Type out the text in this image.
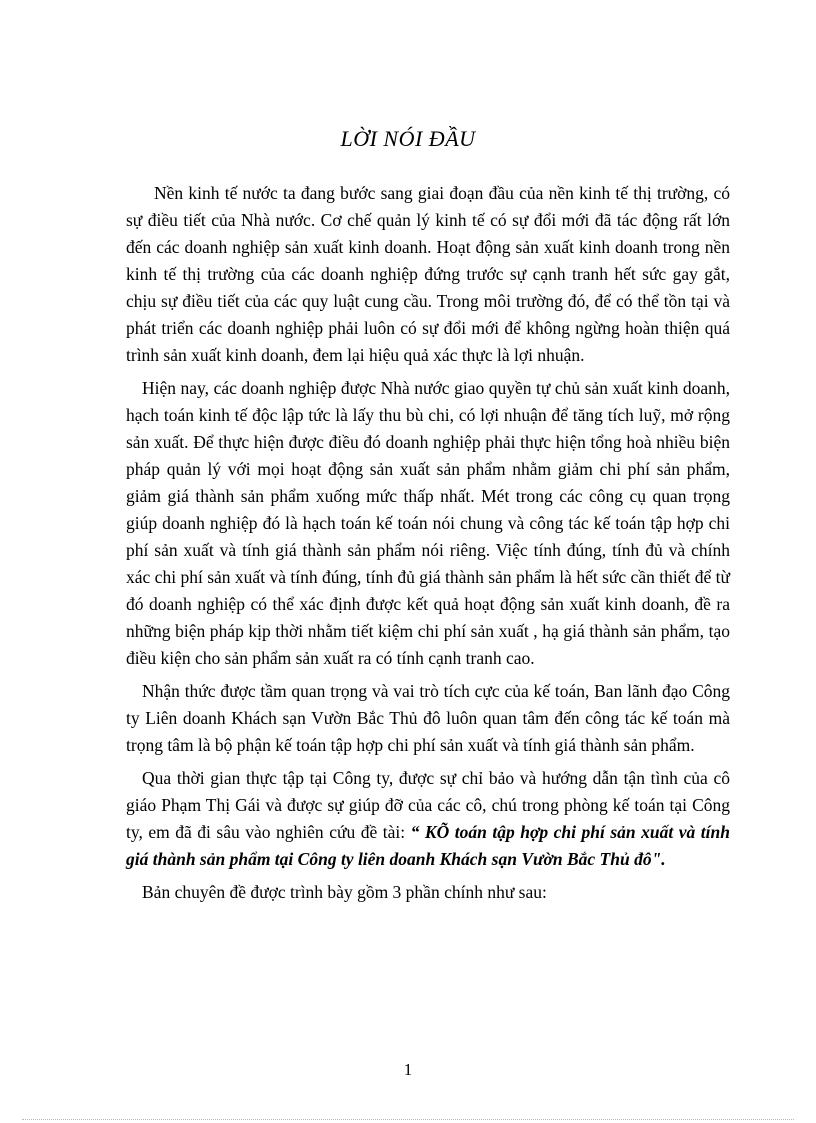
LỜI NÓI ĐẦU

Nền kinh tế nước ta đang bước sang giai đoạn đầu của nền kinh tế thị trường, có sự điều tiết của Nhà nước. Cơ chế quản lý kinh tế có sự đổi mới đã tác động rất lớn đến các doanh nghiệp sản xuất kinh doanh. Hoạt động sản xuất kinh doanh trong nền kinh tế thị trường của các doanh nghiệp đứng trước sự cạnh tranh hết sức gay gắt, chịu sự điều tiết của các quy luật cung cầu. Trong môi trường đó, để có thể tồn tại và phát triển các doanh nghiệp phải luôn có sự đổi mới để không ngừng hoàn thiện quá trình sản xuất kinh doanh, đem lại hiệu quả xác thực là lợi nhuận.

Hiện nay, các doanh nghiệp được Nhà nước giao quyền tự chủ sản xuất kinh doanh, hạch toán kinh tế độc lập tức là lấy thu bù chi, có lợi nhuận để tăng tích luỹ, mở rộng sản xuất. Để thực hiện được điều đó doanh nghiệp phải thực hiện tổng hoà nhiều biện pháp quản lý với mọi hoạt động sản xuất sản phẩm nhằm giảm chi phí sản phẩm, giảm giá thành sản phẩm xuống mức thấp nhất. Mét trong các công cụ quan trọng giúp doanh nghiệp đó là hạch toán kế toán nói chung và công tác kế toán tập hợp chi phí sản xuất và tính giá thành sản phẩm nói riêng. Việc tính đúng, tính đủ và chính xác chi phí sản xuất và tính đúng, tính đủ giá thành sản phẩm là hết sức cần thiết để từ đó doanh nghiệp có thể xác định được kết quả hoạt động sản xuất kinh doanh, đề ra những biện pháp kịp thời nhằm tiết kiệm chi phí sản xuất , hạ giá thành sản phẩm, tạo điều kiện cho sản phẩm sản xuất ra có tính cạnh tranh cao.

Nhận thức được tầm quan trọng và vai trò tích cực của kế toán, Ban lãnh đạo Công ty Liên doanh Khách sạn Vườn Bắc Thủ đô luôn quan tâm đến công tác kế toán mà trọng tâm là bộ phận kế toán tập hợp chi phí sản xuất và tính giá thành sản phẩm.

Qua thời gian thực tập tại Công ty, được sự chỉ bảo và hướng dẫn tận tình của cô giáo Phạm Thị Gái và được sự giúp đỡ của các cô, chú trong phòng kế toán tại Công ty, em đã đi sâu vào nghiên cứu đề tài: “ KÕ toán tập hợp chi phí sản xuất và tính giá thành sản phẩm tại Công ty liên doanh Khách sạn Vườn Bắc Thủ đô".

Bản chuyên đề được trình bày gồm 3 phần chính như sau:

1
